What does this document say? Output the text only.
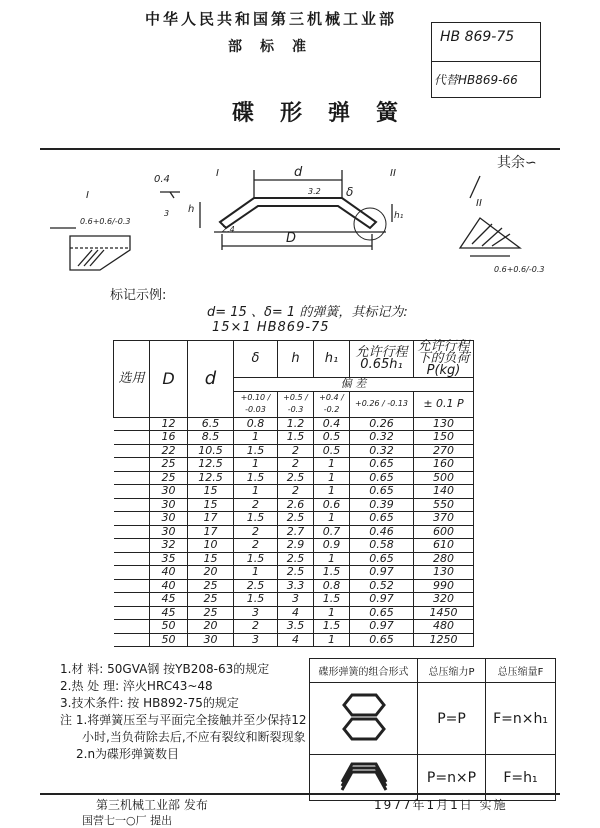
中华人民共和国第三机械工业部
部标准
HB 869-75
代替HB869-66
碟形弹簧
其余∽
I
0.4
0.6+0.6/-0.3
I	d
D
δ
h
h₁
3.2
3
2.4
II
II
0.6+0.6/-0.3
标记示例:
d= 15 、δ= 1 的弹簧，其标记为:
15×1 HB869-75
选用	D	d	δ	h	h₁	允许行程 0.65h₁	允许行程下的负荷P(kg)
			偏 差				
			+0.10 / -0.03	+0.5 / -0.3	+0.4 / -0.2	+0.26 / -0.13	± 0.1 P
	12	6.5	0.8	1.2	0.4	0.26	130
	16	8.5	1	1.5	0.5	0.32	150
	22	10.5	1.5	2	0.5	0.32	270
	25	12.5	1	2	1	0.65	160
	25	12.5	1.5	2.5	1	0.65	500
	30	15	1	2	1	0.65	140
	30	15	2	2.6	0.6	0.39	550
	30	17	1.5	2.5	1	0.65	370
	30	17	2	2.7	0.7	0.46	600
	32	10	2	2.9	0.9	0.58	610
	35	15	1.5	2.5	1	0.65	280
	40	20	1	2.5	1.5	0.97	130
	40	25	2.5	3.3	0.8	0.52	990
	45	25	1.5	3	1.5	0.97	320
	45	25	3	4	1	0.65	1450
	50	20	2	3.5	1.5	0.97	480
	50	30	3	4	1	0.65	1250
1.材 料: 50GVA钢 按YB208-63的规定
2.热 处 理: 淬火HRC43~48
3.技术条件: 按 HB892-75的规定
注 1.将弹簧压至与平面完全接触并至少保持12
小时,当负荷除去后,不应有裂纹和断裂现象
2.n为碟形弹簧数目
碟形弹簧的组合形式	总压缩力P	总压缩量F
	P=P	F=n×h₁
	P=n×P	F=h₁
第三机械工业部 发布	1977年1月1日 实施
国营七一○厂 提出
